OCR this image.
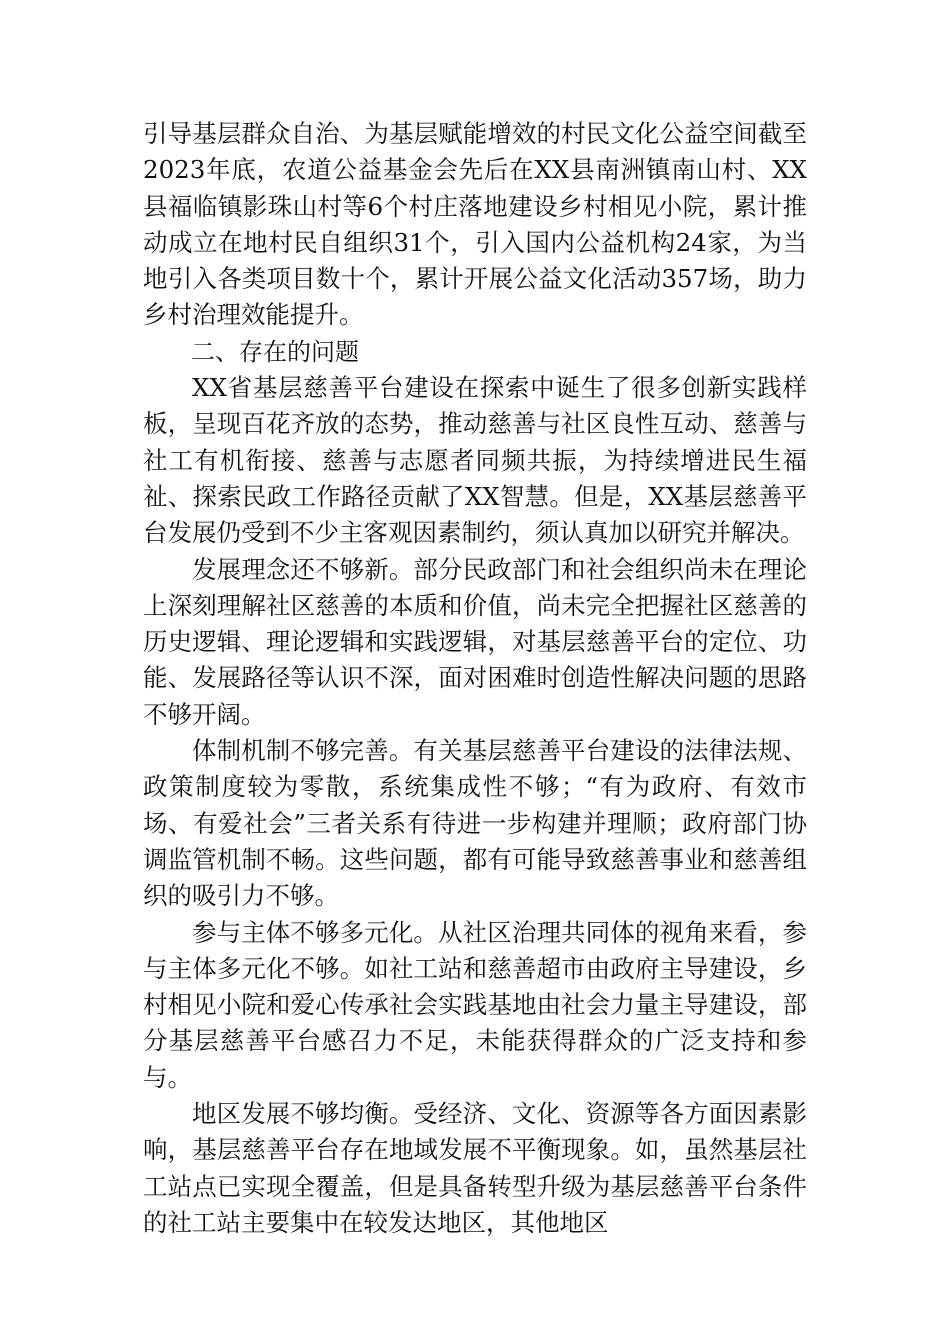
引导基层群众自治、为基层赋能增效的村民文化公益空间截至2023年底，农道公益基金会先后在XX县南洲镇南山村、XX县福临镇影珠山村等6个村庄落地建设乡村相见小院，累计推动成立在地村民自组织31个，引入国内公益机构24家，为当地引入各类项目数十个，累计开展公益文化活动357场，助力乡村治理效能提升。

二、存在的问题

XX省基层慈善平台建设在探索中诞生了很多创新实践样板，呈现百花齐放的态势，推动慈善与社区良性互动、慈善与社工有机衔接、慈善与志愿者同频共振，为持续增进民生福祉、探索民政工作路径贡献了XX智慧。但是，XX基层慈善平台发展仍受到不少主客观因素制约，须认真加以研究并解决。

发展理念还不够新。部分民政部门和社会组织尚未在理论上深刻理解社区慈善的本质和价值，尚未完全把握社区慈善的历史逻辑、理论逻辑和实践逻辑，对基层慈善平台的定位、功能、发展路径等认识不深，面对困难时创造性解决问题的思路不够开阔。

体制机制不够完善。有关基层慈善平台建设的法律法规、政策制度较为零散，系统集成性不够；“有为政府、有效市场、有爱社会”三者关系有待进一步构建并理顺；政府部门协调监管机制不畅。这些问题，都有可能导致慈善事业和慈善组织的吸引力不够。

参与主体不够多元化。从社区治理共同体的视角来看，参与主体多元化不够。如社工站和慈善超市由政府主导建设，乡村相见小院和爱心传承社会实践基地由社会力量主导建设，部分基层慈善平台感召力不足，未能获得群众的广泛支持和参与。

地区发展不够均衡。受经济、文化、资源等各方面因素影响，基层慈善平台存在地域发展不平衡现象。如，虽然基层社工站点已实现全覆盖，但是具备转型升级为基层慈善平台条件的社工站主要集中在较发达地区，其他地区
